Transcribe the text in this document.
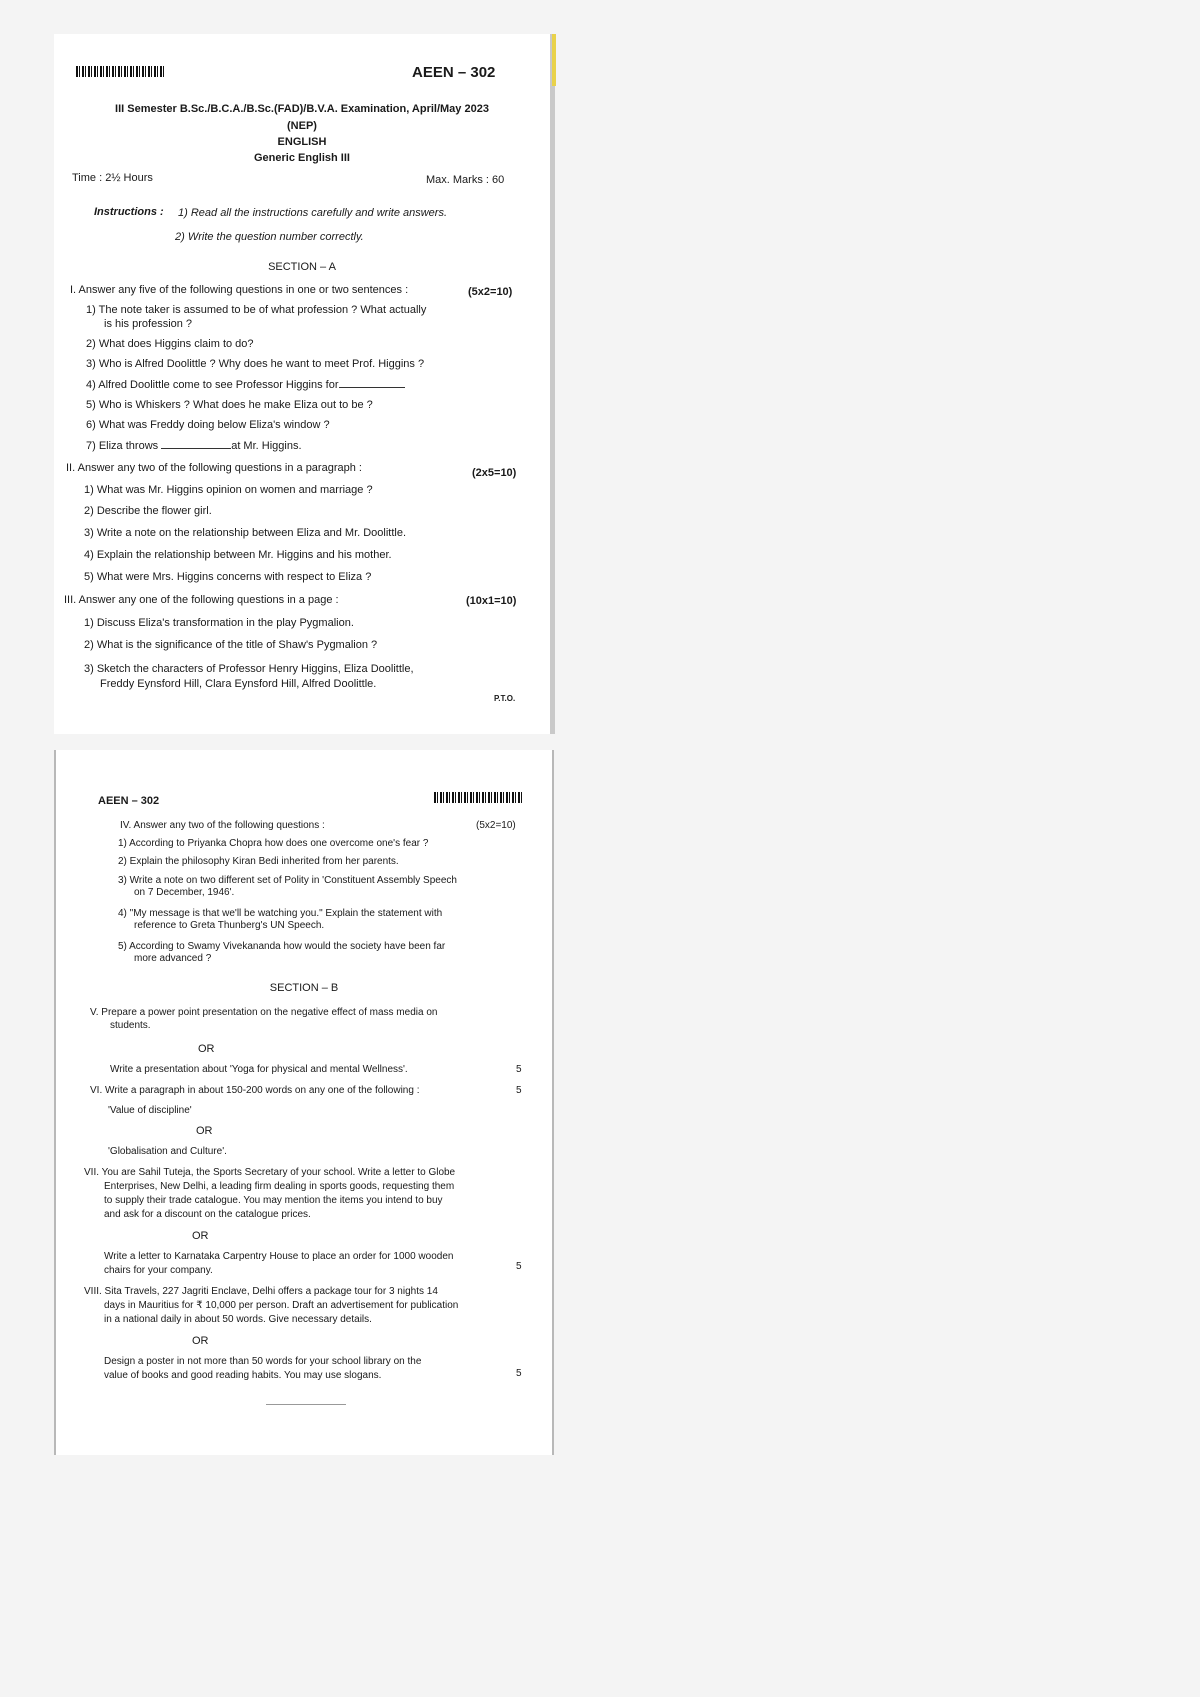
AEEN – 302
III Semester B.Sc./B.C.A./B.Sc.(FAD)/B.V.A. Examination, April/May 2023
(NEP)
ENGLISH
Generic English III
Time : 2½ Hours	Max. Marks : 60
Instructions : 1) Read all the instructions carefully and write answers.
2) Write the question number correctly.
SECTION – A
I. Answer any five of the following questions in one or two sentences :	(5x2=10)
1) The note taker is assumed to be of what profession ? What actually
is his profession ?
2) What does Higgins claim to do?
3) Who is Alfred Doolittle ? Why does he want to meet Prof. Higgins ?
4) Alfred Doolittle come to see Professor Higgins for
5) Who is Whiskers ? What does he make Eliza out to be ?
6) What was Freddy doing below Eliza's window ?
7) Eliza throws	at Mr. Higgins.
II. Answer any two of the following questions in a paragraph :	(2x5=10)
1) What was Mr. Higgins opinion on women and marriage ?
2) Describe the flower girl.
3) Write a note on the relationship between Eliza and Mr. Doolittle.
4) Explain the relationship between Mr. Higgins and his mother.
5) What were Mrs. Higgins concerns with respect to Eliza ?
III. Answer any one of the following questions in a page :	(10x1=10)
1) Discuss Eliza's transformation in the play Pygmalion.
2) What is the significance of the title of Shaw's Pygmalion ?
3) Sketch the characters of Professor Henry Higgins, Eliza Doolittle,
Freddy Eynsford Hill, Clara Eynsford Hill, Alfred Doolittle.
P.T.O.
AEEN – 302
IV. Answer any two of the following questions :	(5x2=10)
1) According to Priyanka Chopra how does one overcome one's fear ?
2) Explain the philosophy Kiran Bedi inherited from her parents.
3) Write a note on two different set of Polity in 'Constituent Assembly Speech
on 7 December, 1946'.
4) "My message is that we'll be watching you." Explain the statement with
reference to Greta Thunberg's UN Speech.
5) According to Swamy Vivekananda how would the society have been far
more advanced ?
SECTION – B
V. Prepare a power point presentation on the negative effect of mass media on
students.
OR
Write a presentation about 'Yoga for physical and mental Wellness'.	5
VI. Write a paragraph in about 150-200 words on any one of the following :	5
'Value of discipline'
OR
'Globalisation and Culture'.
VII. You are Sahil Tuteja, the Sports Secretary of your school. Write a letter to Globe
Enterprises, New Delhi, a leading firm dealing in sports goods, requesting them
to supply their trade catalogue. You may mention the items you intend to buy
and ask for a discount on the catalogue prices.
OR
Write a letter to Karnataka Carpentry House to place an order for 1000 wooden
chairs for your company.	5
VIII. Sita Travels, 227 Jagriti Enclave, Delhi offers a package tour for 3 nights 14
days in Mauritius for ₹ 10,000 per person. Draft an advertisement for publication
in a national daily in about 50 words. Give necessary details.
OR
Design a poster in not more than 50 words for your school library on the
value of books and good reading habits. You may use slogans.	5
